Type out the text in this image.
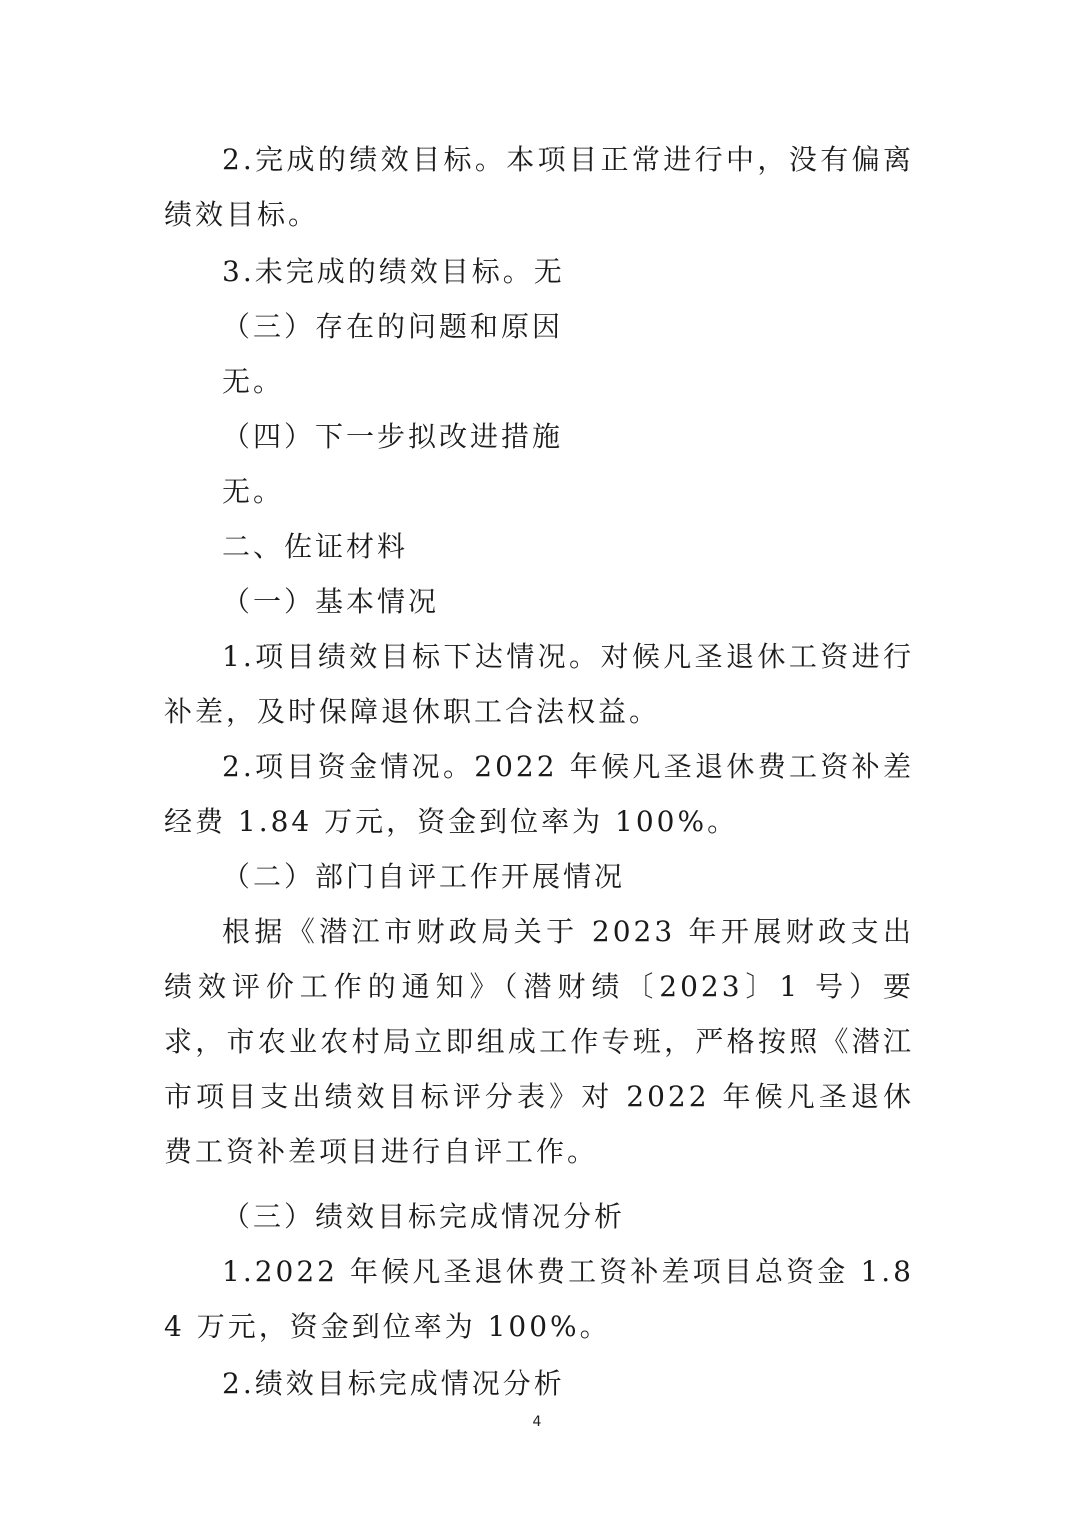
2.完成的绩效目标。本项目正常进行中，没有偏离绩效目标。

3.未完成的绩效目标。无

（三）存在的问题和原因

无。

（四）下一步拟改进措施

无。

二、佐证材料

（一）基本情况

1.项目绩效目标下达情况。对候凡圣退休工资进行补差，及时保障退休职工合法权益。

2.项目资金情况。2022 年候凡圣退休费工资补差经费 1.84 万元，资金到位率为 100%。

（二）部门自评工作开展情况

根据《潜江市财政局关于 2023 年开展财政支出绩效评价工作的通知》（潜财绩〔2023〕1 号）要求，市农业农村局立即组成工作专班，严格按照《潜江市项目支出绩效目标评分表》对 2022 年候凡圣退休费工资补差项目进行自评工作。

（三）绩效目标完成情况分析

1.2022 年候凡圣退休费工资补差项目总资金 1.84 万元，资金到位率为 100%。

2.绩效目标完成情况分析

4
